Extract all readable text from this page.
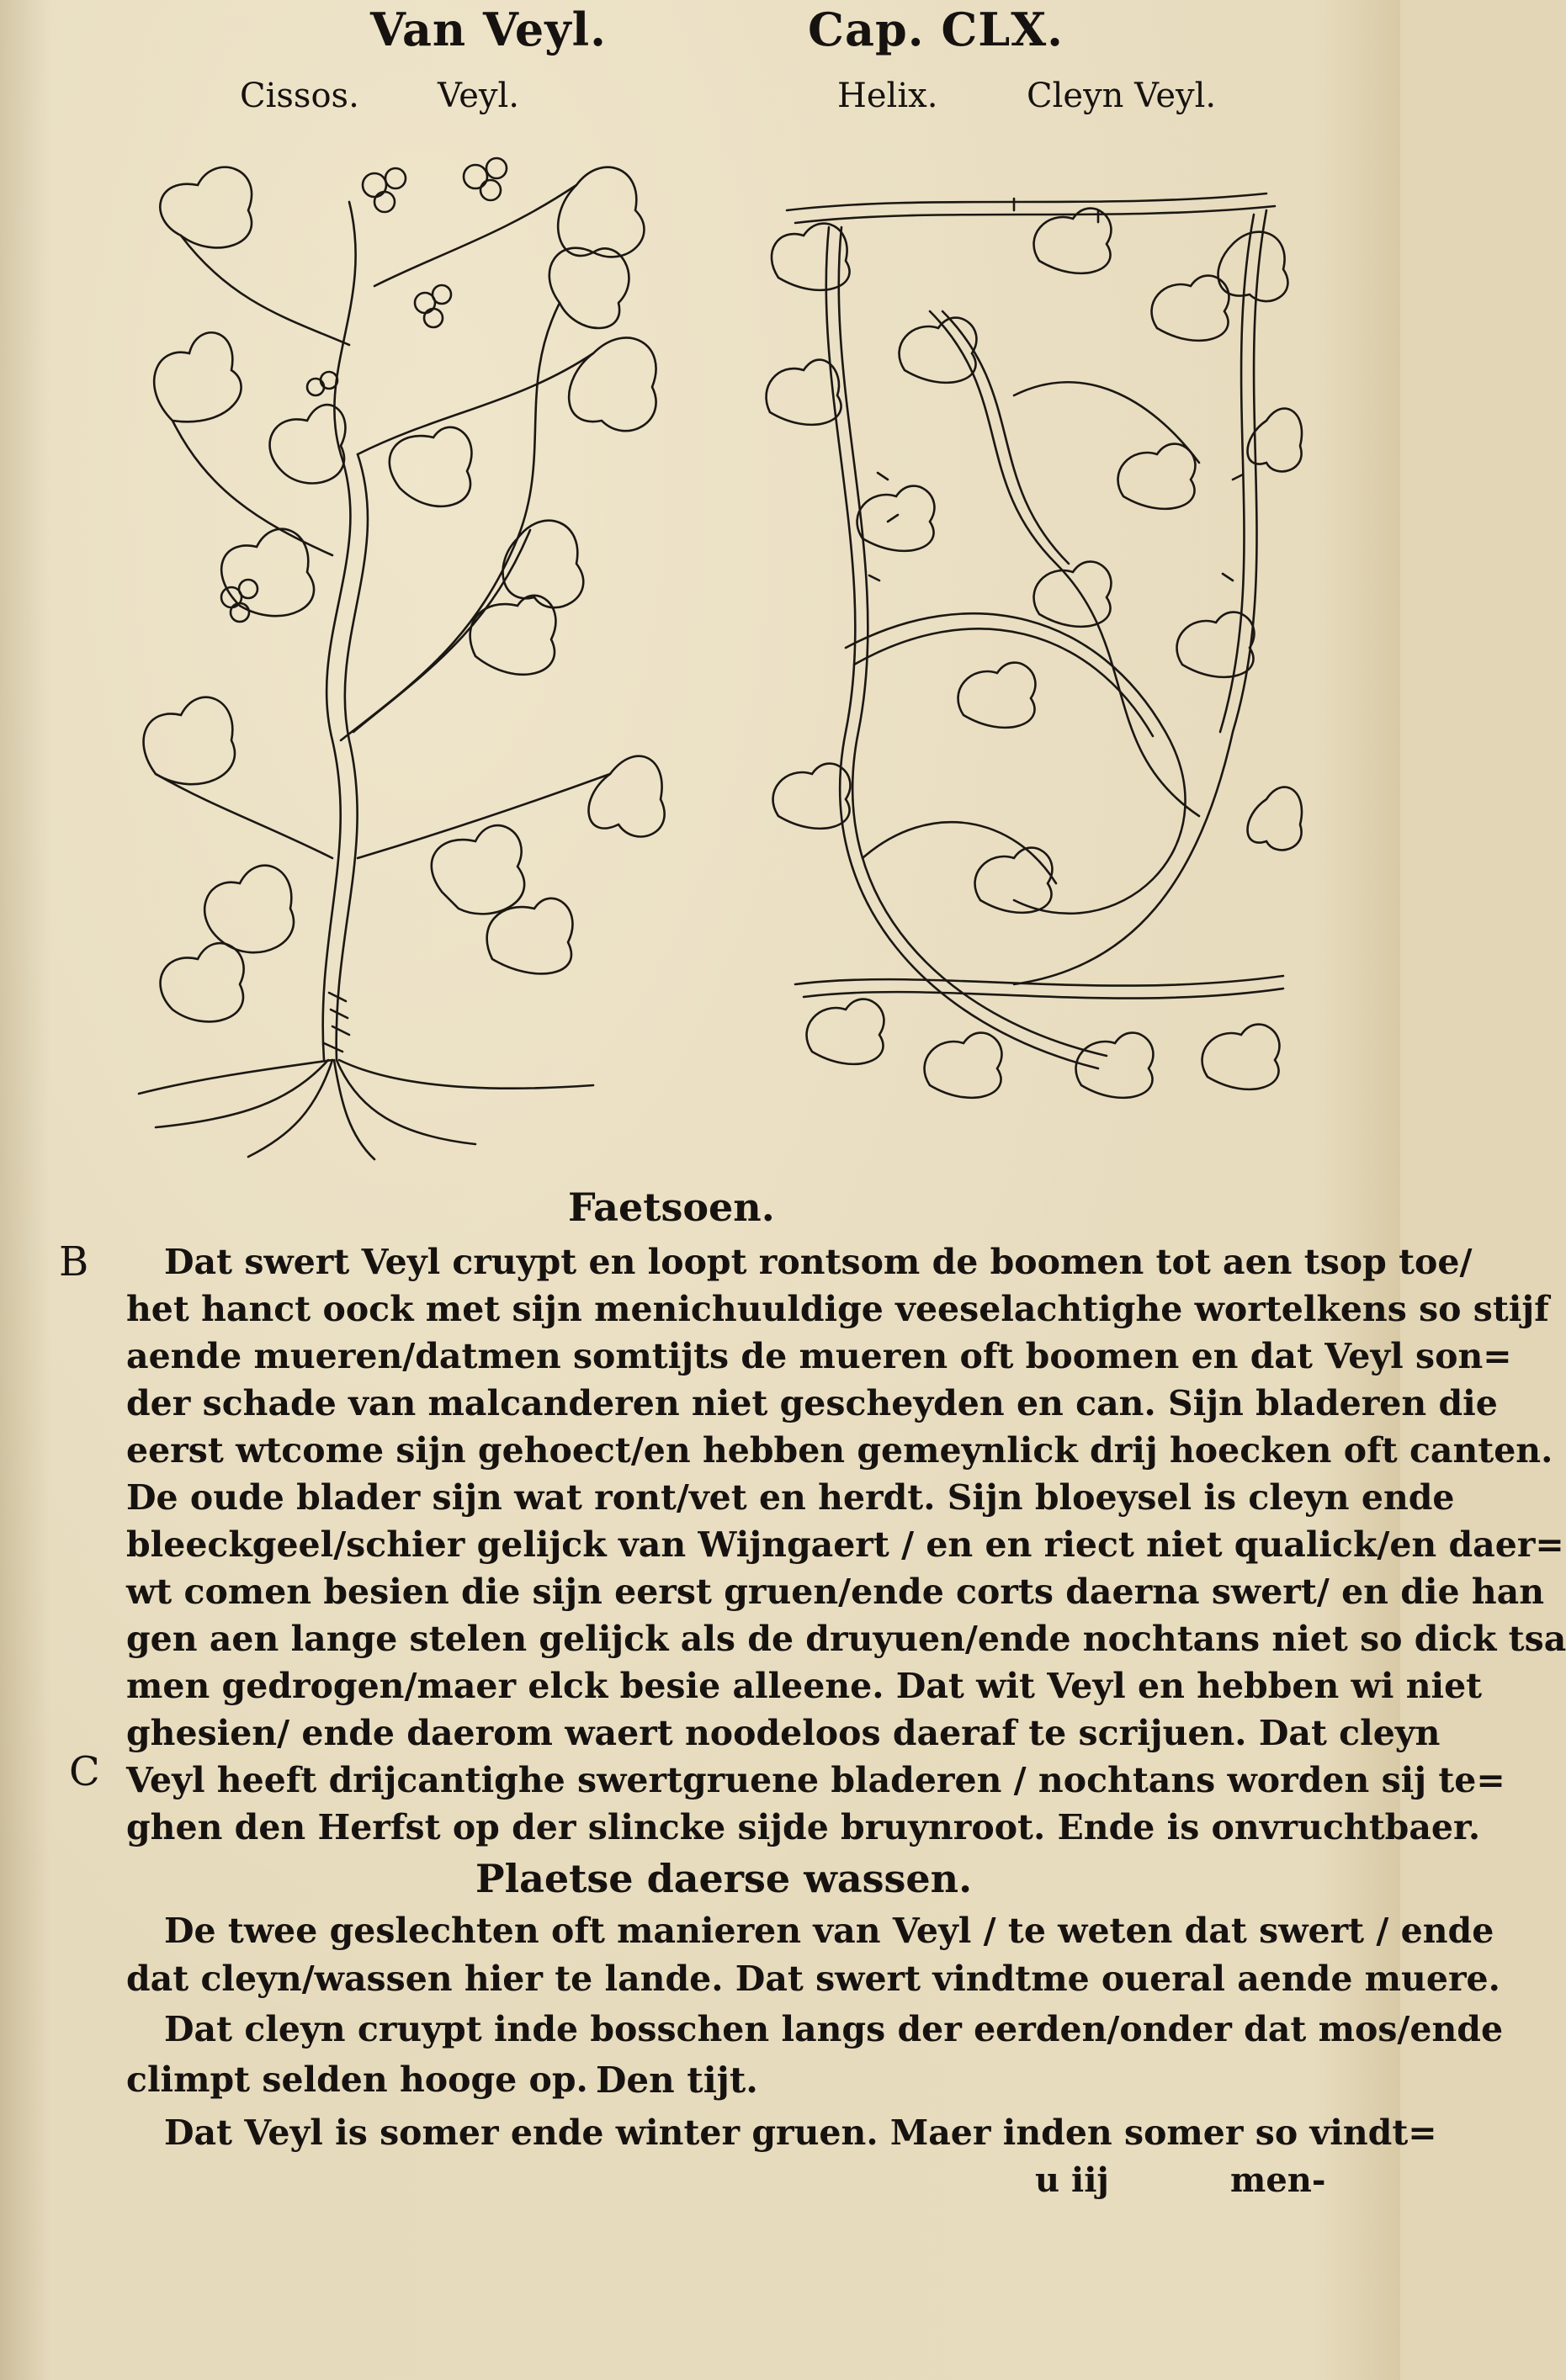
Van Veyl.	Cap. CLX.
Cissos. Veyl.	Helix.	Cleyn Veyl.
Faetsoen.
B
C
Dat swert Veyl cruypt en loopt rontsom de boomen tot aen tsop toe/
het hanct oock met sijn menichuuldige veeselachtighe wortelkens so stijf
aende mueren/datmen somtijts de mueren oft boomen en dat Veyl son=
der schade van malcanderen niet gescheyden en can. Sijn bladeren die
eerst wtcome sijn gehoect/en hebben gemeynlick drij hoecken oft canten.
De oude blader sijn wat ront/vet en herdt. Sijn bloeysel is cleyn ende
bleeckgeel/schier gelijck van Wijngaert / en en riect niet qualick/en daer=
wt comen besien die sijn eerst gruen/ende corts daerna swert/ en die han
gen aen lange stelen gelijck als de druyuen/ende nochtans niet so dick tsa
men gedrogen/maer elck besie alleene. Dat wit Veyl en hebben wi niet
ghesien/ ende daerom waert noodeloos daeraf te scrijuen. Dat cleyn
Veyl heeft drijcantighe swertgruene bladeren / nochtans worden sij te=
ghen den Herfst op der slincke sijde bruynroot. Ende is onvruchtbaer.
Plaetse daerse wassen.
De twee geslechten oft manieren van Veyl / te weten dat swert / ende
dat cleyn/wassen hier te lande. Dat swert vindtme oueral aende muere.
Dat cleyn cruypt inde bosschen langs der eerden/onder dat mos/ende
climpt selden hooge op. Den tijt.
Dat Veyl is somer ende winter gruen. Maer inden somer so vindt=
u iij	men-
